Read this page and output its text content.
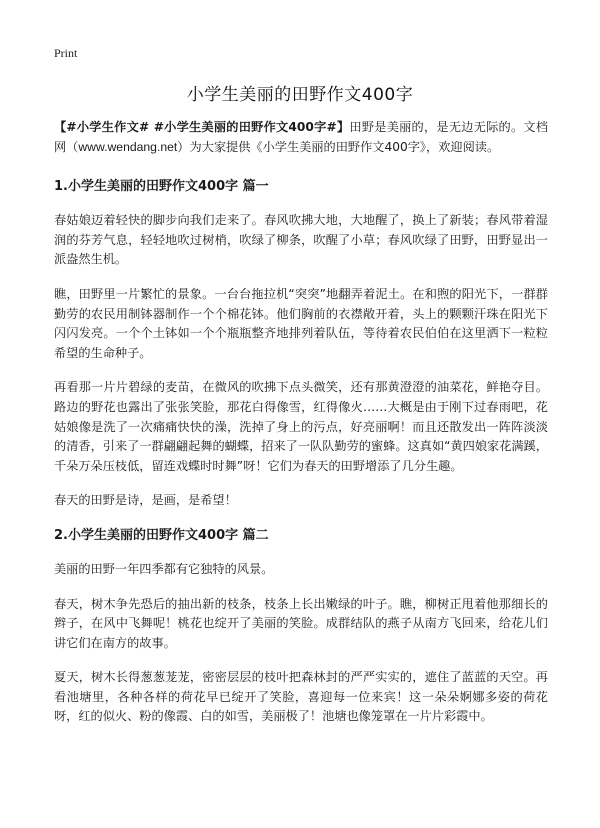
Print
小学生美丽的田野作文400字

【#小学生作文# #小学生美丽的田野作文400字#】田野是美丽的，是无边无际的。文档网（www.wendang.net）为大家提供《小学生美丽的田野作文400字》，欢迎阅读。

1.小学生美丽的田野作文400字 篇一

春姑娘迈着轻快的脚步向我们走来了。春风吹拂大地，大地醒了，换上了新装；春风带着湿润的芬芳气息，轻轻地吹过树梢，吹绿了柳条，吹醒了小草；春风吹绿了田野，田野显出一派盎然生机。

瞧，田野里一片繁忙的景象。一台台拖拉机“突突”地翻弄着泥土。在和煦的阳光下，一群群勤劳的农民用制钵器制作一个个棉花钵。他们胸前的衣襟敞开着，头上的颗颗汗珠在阳光下闪闪发亮。一个个土钵如一个个瓶瓶整齐地排列着队伍，等待着农民伯伯在这里洒下一粒粒希望的生命种子。

再看那一片片碧绿的麦苗，在微风的吹拂下点头微笑，还有那黄澄澄的油菜花，鲜艳夺目。路边的野花也露出了张张笑脸，那花白得像雪，红得像火……大概是由于刚下过春雨吧，花姑娘像是洗了一次痛痛快快的澡，洗掉了身上的污点，好亮丽啊！而且还散发出一阵阵淡淡的清香，引来了一群翩翩起舞的蝴蝶，招来了一队队勤劳的蜜蜂。这真如“黄四娘家花满蹊，千朵万朵压枝低，留连戏蝶时时舞”呀！它们为春天的田野增添了几分生趣。

春天的田野是诗，是画，是希望！

2.小学生美丽的田野作文400字 篇二

美丽的田野一年四季都有它独特的风景。

春天，树木争先恐后的抽出新的枝条，枝条上长出嫩绿的叶子。瞧，柳树正甩着他那细长的辫子，在风中飞舞呢！桃花也绽开了美丽的笑脸。成群结队的燕子从南方飞回来，给花儿们讲它们在南方的故事。

夏天，树木长得葱葱茏茏，密密层层的枝叶把森林封的严严实实的，遮住了蓝蓝的天空。再看池塘里，各种各样的荷花早已绽开了笑脸，喜迎每一位来宾！这一朵朵婀娜多姿的荷花呀，红的似火、粉的像霞、白的如雪，美丽极了！池塘也像笼罩在一片片彩霞中。
